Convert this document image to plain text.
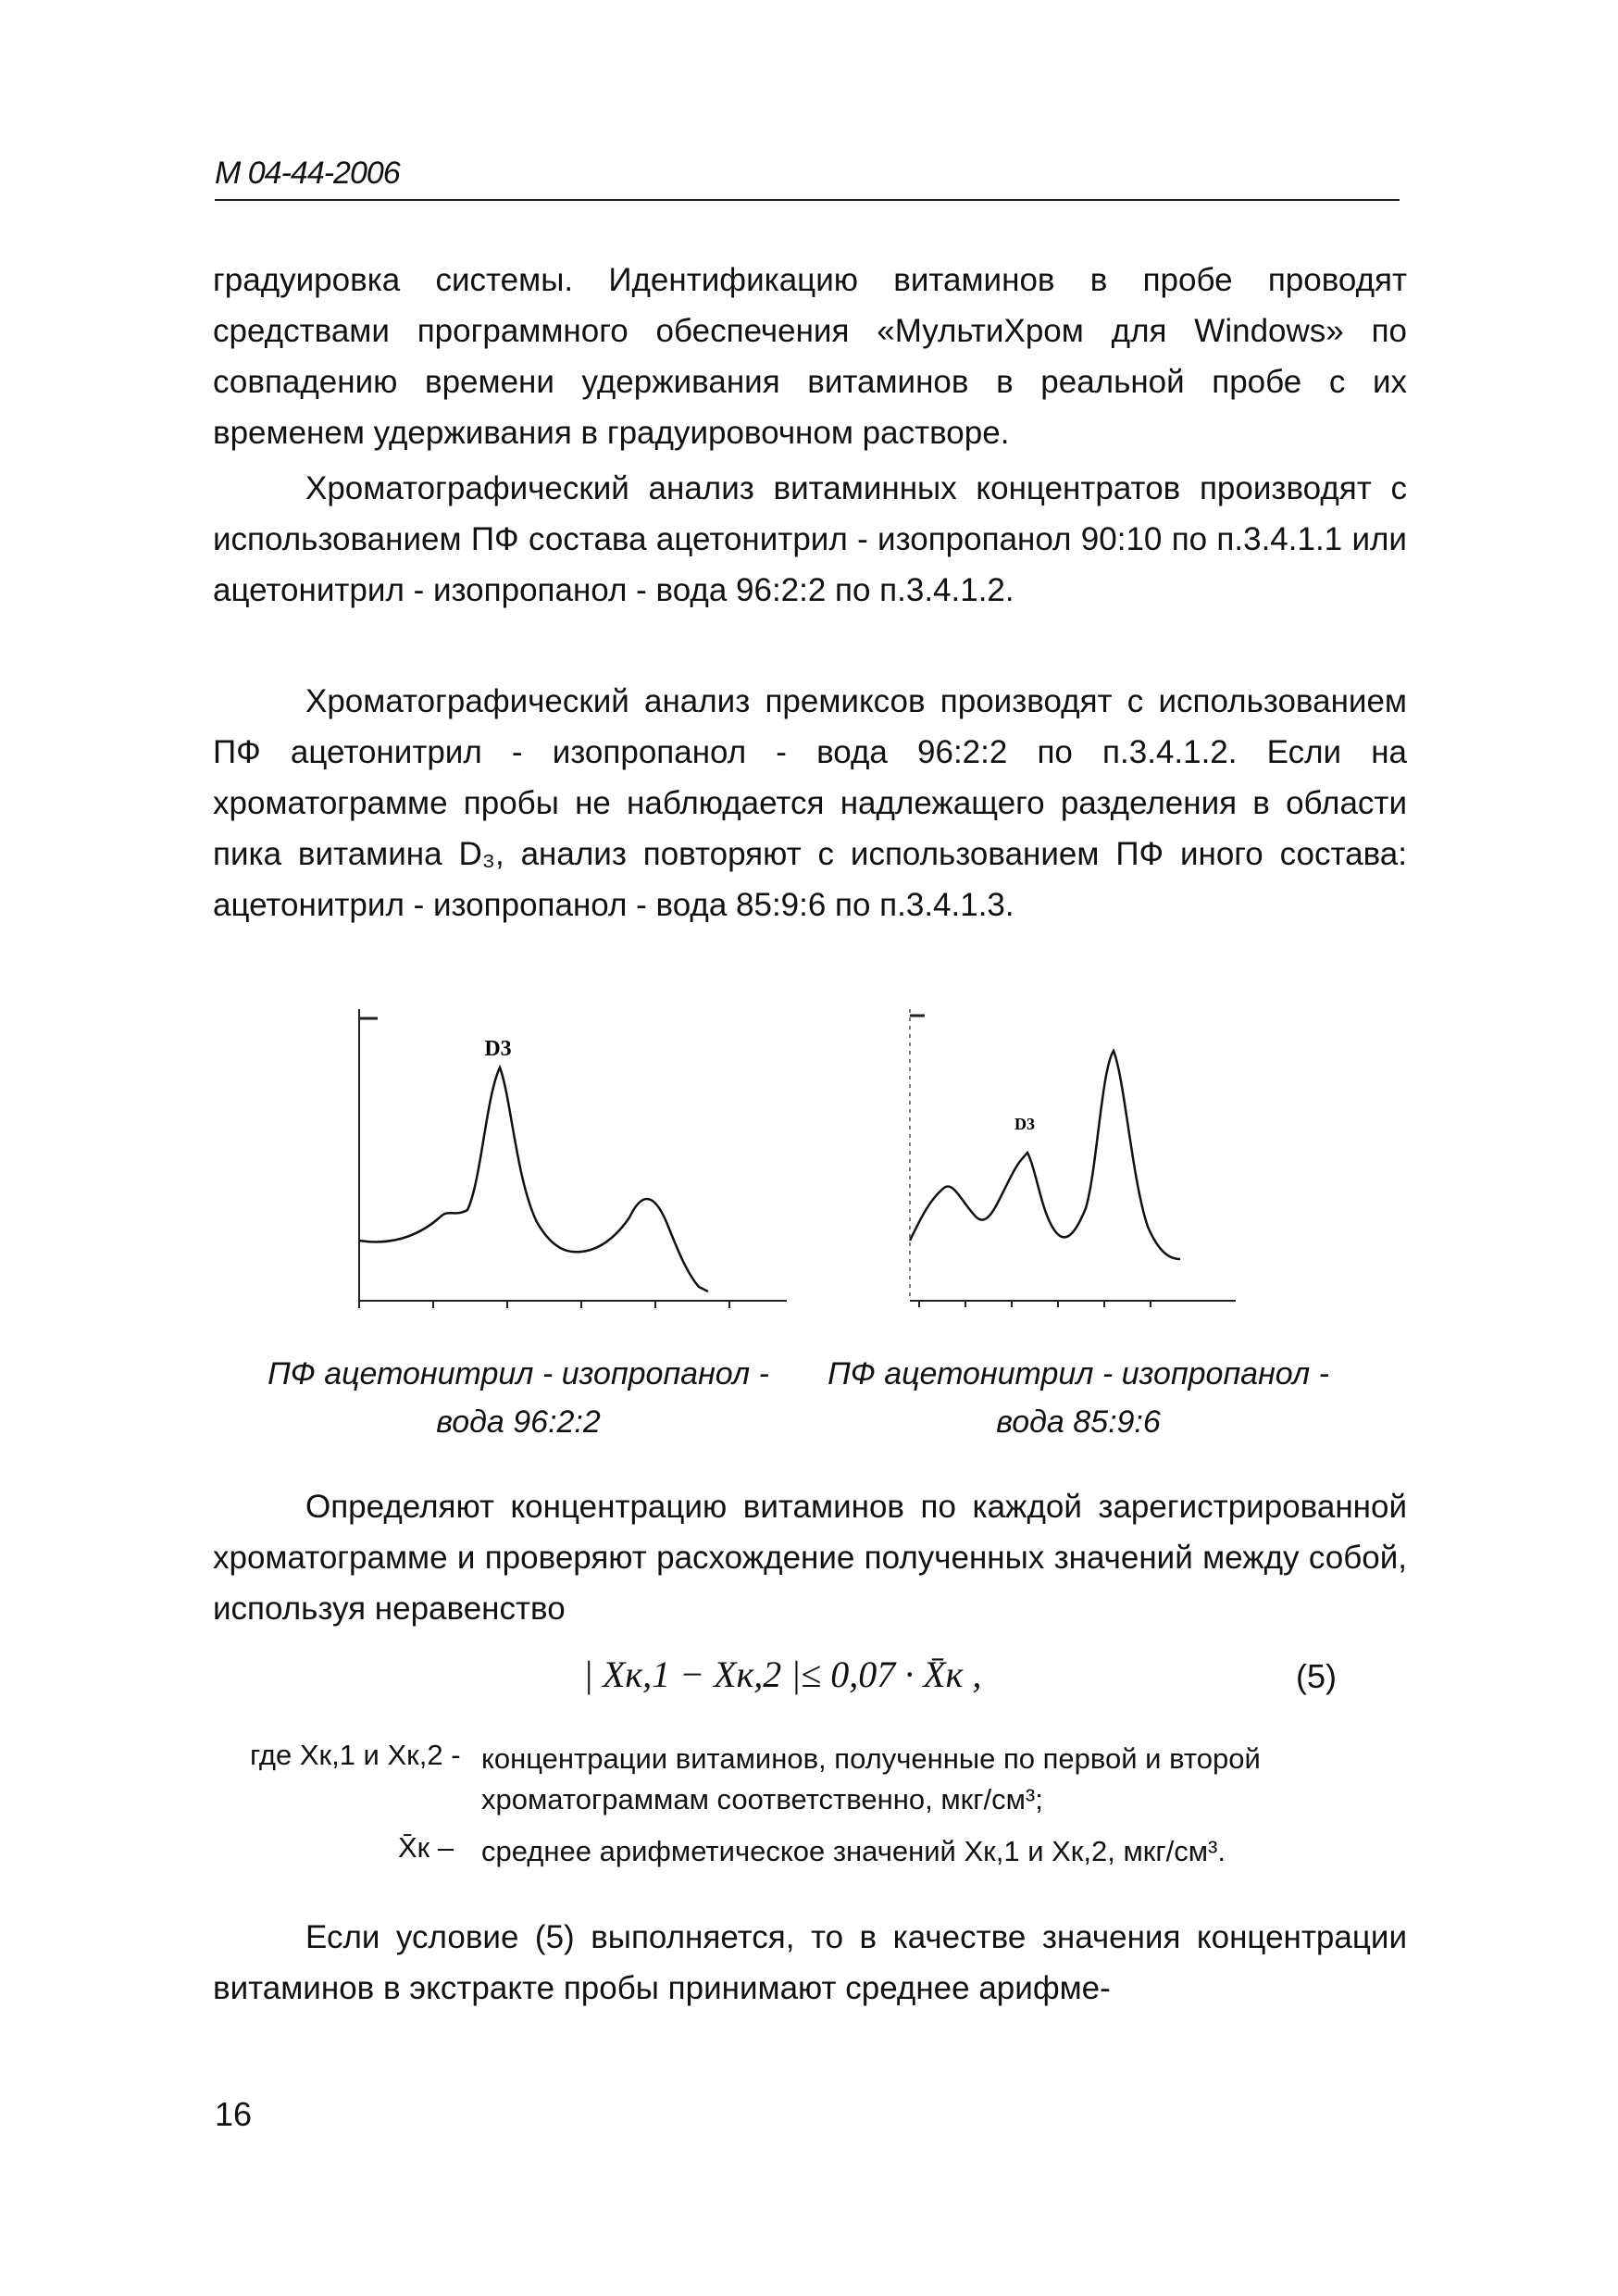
М 04-44-2006

градуировка системы. Идентификацию витаминов в пробе проводят средствами программного обеспечения «МультиХром для Windows» по совпадению времени удерживания витаминов в реальной пробе с их временем удерживания в градуировочном растворе.

Хроматографический анализ витаминных концентратов производят с использованием ПФ состава ацетонитрил - изопропанол 90:10 по п.3.4.1.1 или ацетонитрил - изопропанол - вода 96:2:2 по п.3.4.1.2.

Хроматографический анализ премиксов производят с использованием ПФ ацетонитрил - изопропанол - вода 96:2:2 по п.3.4.1.2. Если на хроматограмме пробы не наблюдается надлежащего разделения в области пика витамина D₃, анализ повторяют с использованием ПФ иного состава: ацетонитрил - изопропанол - вода 85:9:6 по п.3.4.1.3.

D3
D3
ПФ ацетонитрил - изопропанол - вода 96:2:2
ПФ ацетонитрил - изопропанол - вода 85:9:6

Определяют концентрацию витаминов по каждой зарегистрированной хроматограмме и проверяют расхождение полученных значений между собой, используя неравенство

| Xк,1 − Xк,2 |≤ 0,07 · X̄к ,	(5)
где Xк,1 и Xк,2 - концентрации витаминов, полученные по первой и второй хроматограммам соответственно, мкг/см³;
X̄к – среднее арифметическое значений Xк,1 и Xк,2, мкг/см³.

Если условие (5) выполняется, то в качестве значения концентрации витаминов в экстракте пробы принимают среднее арифме-

16
